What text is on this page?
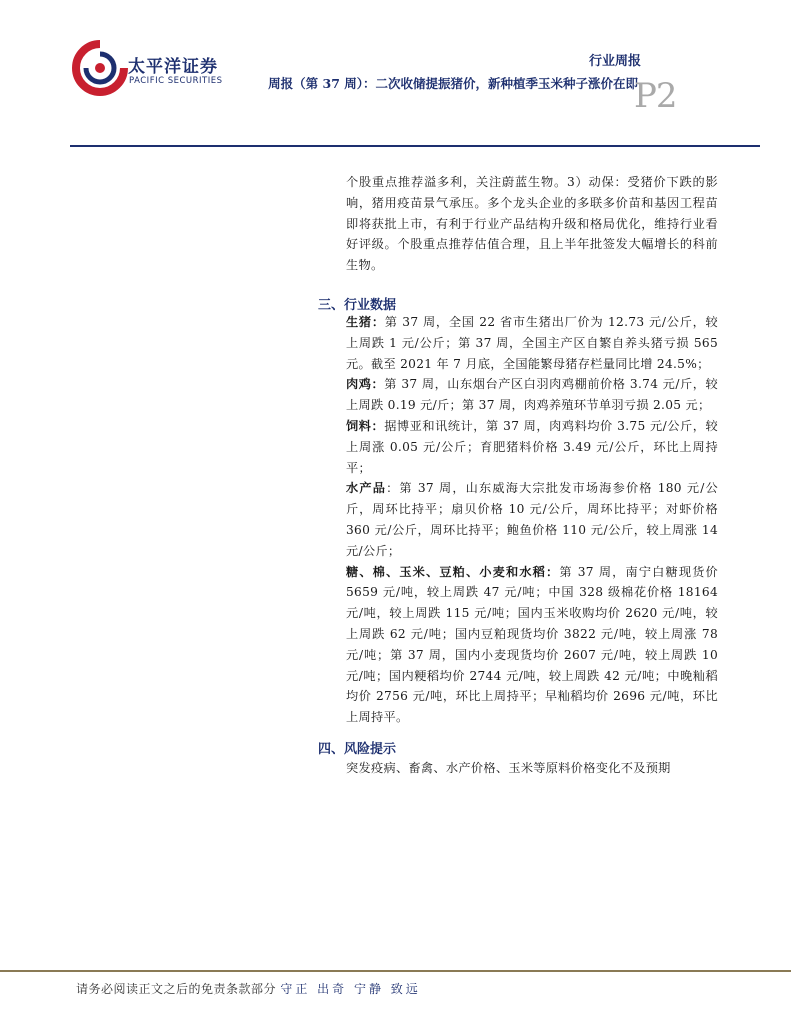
太平洋证券
PACIFIC SECURITIES
行业周报
周报（第 37 周）：二次收储提振猪价，新种植季玉米种子涨价在即
P2

个股重点推荐溢多利，关注蔚蓝生物。3）动保：受猪价下跌的影响，猪用疫苗景气承压。多个龙头企业的多联多价苗和基因工程苗即将获批上市，有利于行业产品结构升级和格局优化，维持行业看好评级。个股重点推荐估值合理，且上半年批签发大幅增长的科前生物。

三、行业数据

生猪：第 37 周，全国 22 省市生猪出厂价为 12.73 元/公斤，较上周跌 1 元/公斤；第 37 周，全国主产区自繁自养头猪亏损 565 元。截至 2021 年 7 月底，全国能繁母猪存栏量同比增 24.5%；

肉鸡：第 37 周，山东烟台产区白羽肉鸡棚前价格 3.74 元/斤，较上周跌 0.19 元/斤；第 37 周，肉鸡养殖环节单羽亏损 2.05 元；

饲料：据博亚和讯统计，第 37 周，肉鸡料均价 3.75 元/公斤，较上周涨 0.05 元/公斤；育肥猪料价格 3.49 元/公斤，环比上周持平；

水产品：第 37 周，山东威海大宗批发市场海参价格 180 元/公斤，周环比持平；扇贝价格 10 元/公斤，周环比持平；对虾价格 360 元/公斤，周环比持平；鲍鱼价格 110 元/公斤，较上周涨 14 元/公斤；

糖、棉、玉米、豆粕、小麦和水稻：第 37 周，南宁白糖现货价 5659 元/吨，较上周跌 47 元/吨；中国 328 级棉花价格 18164 元/吨，较上周跌 115 元/吨；国内玉米收购均价 2620 元/吨，较上周跌 62 元/吨；国内豆粕现货均价 3822 元/吨，较上周涨 78 元/吨；第 37 周，国内小麦现货均价 2607 元/吨，较上周跌 10 元/吨；国内粳稻均价 2744 元/吨，较上周跌 42 元/吨；中晚籼稻均价 2756 元/吨，环比上周持平；早籼稻均价 2696 元/吨，环比上周持平。

四、风险提示

突发疫病、畜禽、水产价格、玉米等原料价格变化不及预期

请务必阅读正文之后的免责条款部分 守正 出奇 宁静 致远
